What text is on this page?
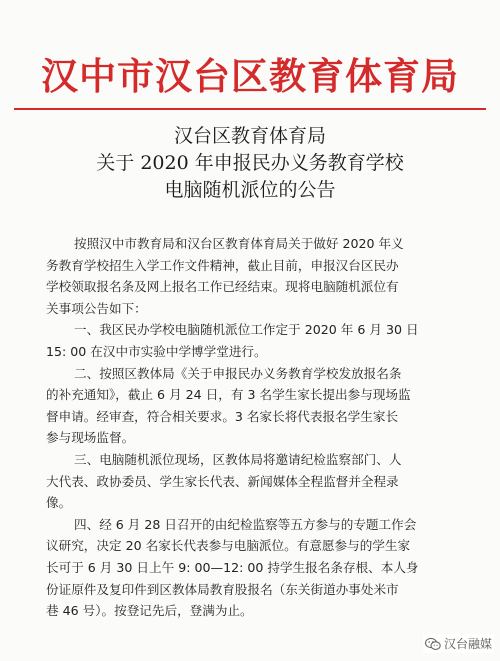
汉中市汉台区教育体育局
汉台区教育体育局
关于 2020 年申报民办义务教育学校
电脑随机派位的公告
按照汉中市教育局和汉台区教育体育局关于做好 2020 年义
务教育学校招生入学工作文件精神，截止目前，申报汉台区民办
学校领取报名条及网上报名工作已经结束。现将电脑随机派位有
关事项公告如下：
一、我区民办学校电脑随机派位工作定于 2020 年 6 月 30 日
15: 00 在汉中市实验中学博学堂进行。
二、按照区教体局《关于申报民办义务教育学校发放报名条
的补充通知》，截止 6 月 24 日，有 3 名学生家长提出参与现场监
督申请。经审查，符合相关要求。3 名家长将代表报名学生家长
参与现场监督。
三、电脑随机派位现场，区教体局将邀请纪检监察部门、人
大代表、政协委员、学生家长代表、新闻媒体全程监督并全程录
像。
四、经 6 月 28 日召开的由纪检监察等五方参与的专题工作会
议研究，决定 20 名家长代表参与电脑派位。有意愿参与的学生家
长可于 6 月 30 日上午 9: 00—12: 00 持学生报名条存根、本人身
份证原件及复印件到区教体局教育股报名（东关街道办事处米市
巷 46 号）。按登记先后，登满为止。
汉台融媒
